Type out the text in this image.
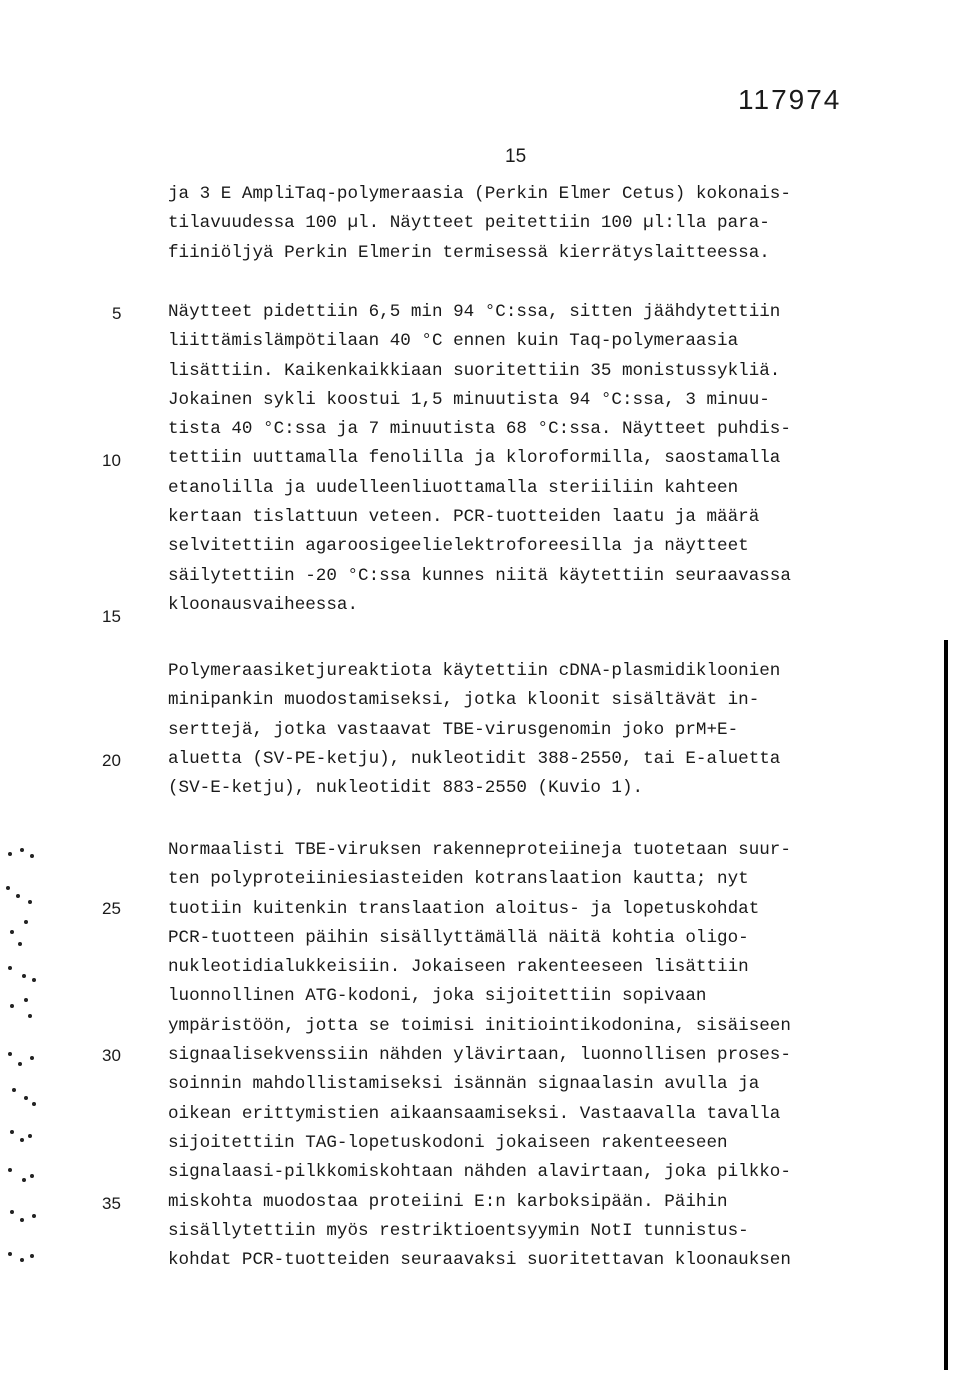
117974
15
ja 3 E AmpliTaq-polymeraasia (Perkin Elmer Cetus) kokonais-
tilavuudessa 100 µl. Näytteet peitettiin 100 µl:lla para-
fiiniöljyä Perkin Elmerin termisessä kierrätyslaitteessa.
Näytteet pidettiin 6,5 min 94 °C:ssa, sitten jäähdytettiin
liittämislämpötilaan 40 °C ennen kuin Taq-polymeraasia
lisättiin. Kaikenkaikkiaan suoritettiin 35 monistussykliä.
Jokainen sykli koostui 1,5 minuutista 94 °C:ssa, 3 minuu-
tista 40 °C:ssa ja 7 minuutista 68 °C:ssa. Näytteet puhdis-
tettiin uuttamalla fenolilla ja kloroformilla, saostamalla
etanolilla ja uudelleenliuottamalla steriiliin kahteen
kertaan tislattuun veteen. PCR-tuotteiden laatu ja määrä
selvitettiin agaroosigeelielektroforeesilla ja näytteet
säilytettiin -20 °C:ssa kunnes niitä käytettiin seuraavassa
kloonausvaiheessa.
Polymeraasiketjureaktiota käytettiin cDNA-plasmidikloonien
minipankin muodostamiseksi, jotka kloonit sisältävät in-
serttejä, jotka vastaavat TBE-virusgenomin joko prM+E-
aluetta (SV-PE-ketju), nukleotidit 388-2550, tai E-aluetta
(SV-E-ketju), nukleotidit 883-2550 (Kuvio 1).
Normaalisti TBE-viruksen rakenneproteiineja tuotetaan suur-
ten polyproteiiniesiasteiden kotranslaation kautta; nyt
tuotiin kuitenkin translaation aloitus- ja lopetuskohdat
PCR-tuotteen päihin sisällyttämällä näitä kohtia oligo-
nukleotidialukkeisiin. Jokaiseen rakenteeseen lisättiin
luonnollinen ATG-kodoni, joka sijoitettiin sopivaan
ympäristöön, jotta se toimisi initiointikodonina, sisäiseen
signaalisekvenssiin nähden ylävirtaan, luonnollisen proses-
soinnin mahdollistamiseksi isännän signaalasin avulla ja
oikean erittymistien aikaansaamiseksi. Vastaavalla tavalla
sijoitettiin TAG-lopetuskodoni jokaiseen rakenteeseen
signalaasi-pilkkomiskohtaan nähden alavirtaan, joka pilkko-
miskohta muodostaa proteiini E:n karboksipään. Päihin
sisällytettiin myös restriktioentsyymin NotI tunnistus-
kohdat PCR-tuotteiden seuraavaksi suoritettavan kloonauksen
5
10
15
20
25
30
35
